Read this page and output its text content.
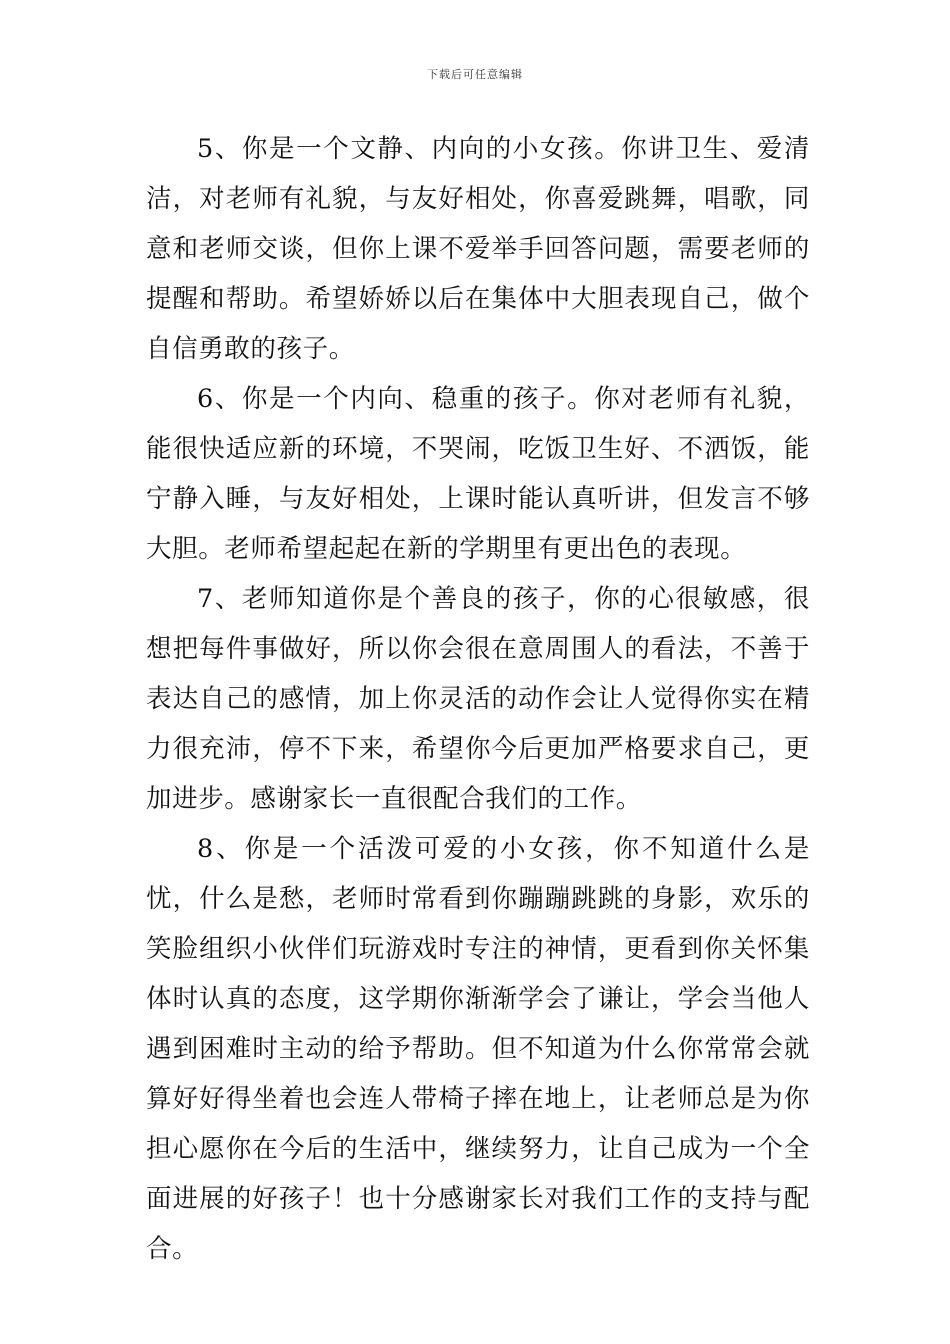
下载后可任意编辑

5、你是一个文静、内向的小女孩。你讲卫生、爱清洁，对老师有礼貌，与友好相处，你喜爱跳舞，唱歌，同意和老师交谈，但你上课不爱举手回答问题，需要老师的提醒和帮助。希望娇娇以后在集体中大胆表现自己，做个自信勇敢的孩子。

6、你是一个内向、稳重的孩子。你对老师有礼貌，能很快适应新的环境，不哭闹，吃饭卫生好、不洒饭，能宁静入睡，与友好相处，上课时能认真听讲，但发言不够大胆。老师希望起起在新的学期里有更出色的表现。

7、老师知道你是个善良的孩子，你的心很敏感，很想把每件事做好，所以你会很在意周围人的看法，不善于表达自己的感情，加上你灵活的动作会让人觉得你实在精力很充沛，停不下来，希望你今后更加严格要求自己，更加进步。感谢家长一直很配合我们的工作。

8、你是一个活泼可爱的小女孩，你不知道什么是忧，什么是愁，老师时常看到你蹦蹦跳跳的身影，欢乐的笑脸组织小伙伴们玩游戏时专注的神情，更看到你关怀集体时认真的态度，这学期你渐渐学会了谦让，学会当他人遇到困难时主动的给予帮助。但不知道为什么你常常会就算好好得坐着也会连人带椅子摔在地上，让老师总是为你担心愿你在今后的生活中，继续努力，让自己成为一个全面进展的好孩子！也十分感谢家长对我们工作的支持与配合。
